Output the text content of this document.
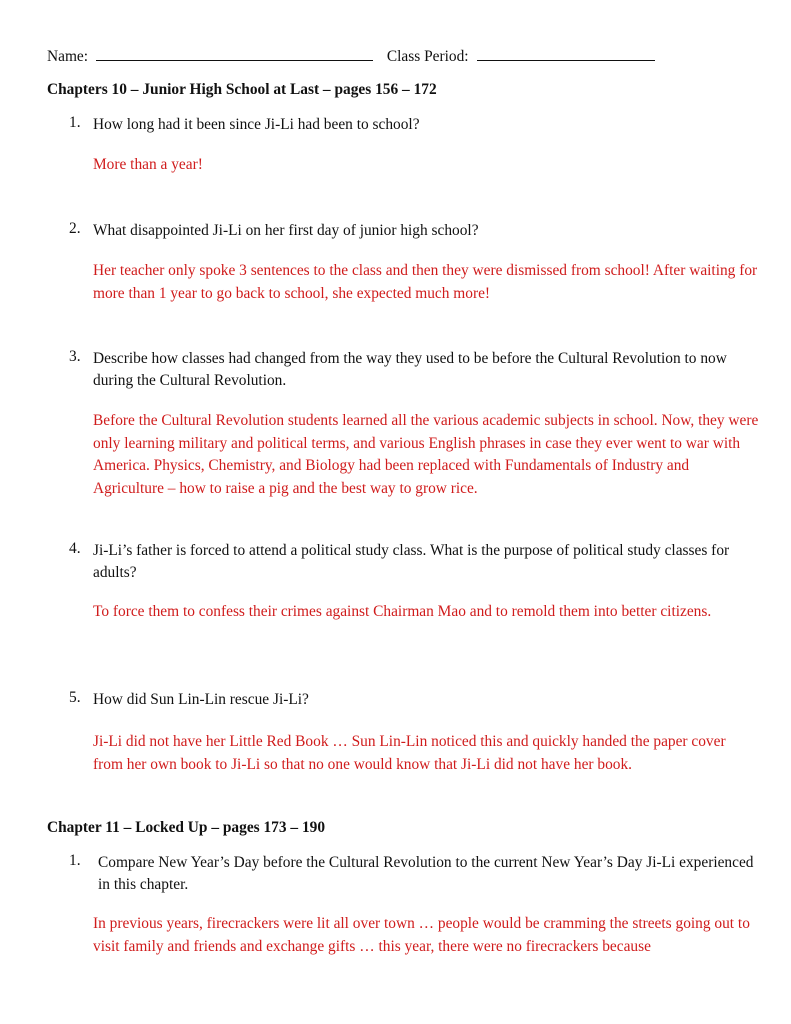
Name:	Class Period:
Chapters 10 – Junior High School at Last – pages 156 – 172
1. How long had it been since Ji-Li had been to school?
More than a year!
2. What disappointed Ji-Li on her first day of junior high school?
Her teacher only spoke 3 sentences to the class and then they were dismissed from school! After waiting for more than 1 year to go back to school, she expected much more!
3. Describe how classes had changed from the way they used to be before the Cultural Revolution to now during the Cultural Revolution.
Before the Cultural Revolution students learned all the various academic subjects in school. Now, they were only learning military and political terms, and various English phrases in case they ever went to war with America. Physics, Chemistry, and Biology had been replaced with Fundamentals of Industry and Agriculture – how to raise a pig and the best way to grow rice.
4. Ji-Li’s father is forced to attend a political study class. What is the purpose of political study classes for adults?
To force them to confess their crimes against Chairman Mao and to remold them into better citizens.
5. How did Sun Lin-Lin rescue Ji-Li?
Ji-Li did not have her Little Red Book … Sun Lin-Lin noticed this and quickly handed the paper cover from her own book to Ji-Li so that no one would know that Ji-Li did not have her book.
Chapter 11 – Locked Up – pages 173 – 190
1. Compare New Year’s Day before the Cultural Revolution to the current New Year’s Day Ji-Li experienced in this chapter.
In previous years, firecrackers were lit all over town … people would be cramming the streets going out to visit family and friends and exchange gifts … this year, there were no firecrackers because
